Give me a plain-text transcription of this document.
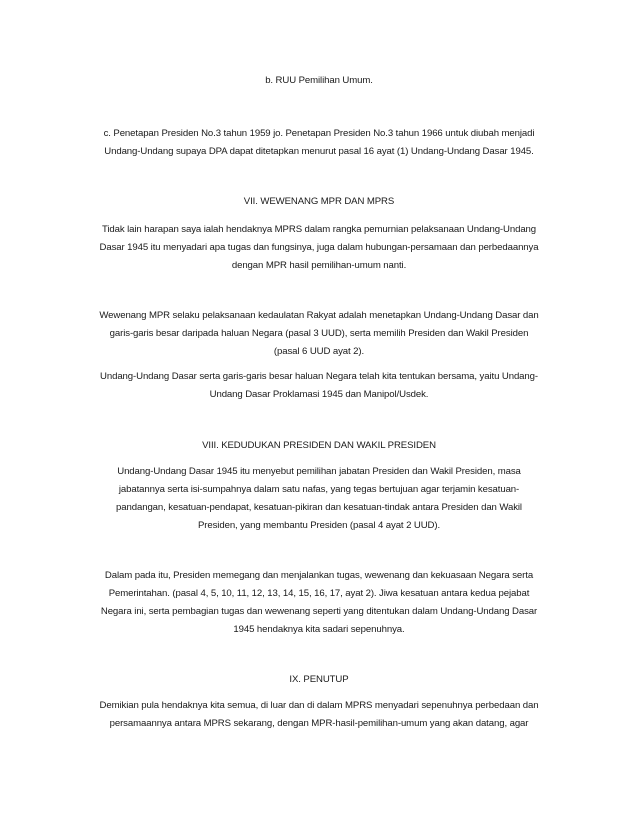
b. RUU Pemilihan Umum.
c. Penetapan Presiden No.3 tahun 1959 jo. Penetapan Presiden No.3 tahun 1966 untuk diubah menjadi
Undang-Undang supaya DPA dapat ditetapkan menurut pasal 16 ayat (1) Undang-Undang Dasar 1945.
VII. WEWENANG MPR DAN MPRS
Tidak lain harapan saya ialah hendaknya MPRS dalam rangka pemurnian pelaksanaan Undang-Undang
Dasar 1945 itu menyadari apa tugas dan fungsinya, juga dalam hubungan-persamaan dan perbedaannya
dengan MPR hasil pemilihan-umum nanti.
Wewenang MPR selaku pelaksanaan kedaulatan Rakyat adalah menetapkan Undang-Undang Dasar dan
garis-garis besar daripada haluan Negara (pasal 3 UUD), serta memilih Presiden dan Wakil Presiden
(pasal 6 UUD ayat 2).
Undang-Undang Dasar serta garis-garis besar haluan Negara telah kita tentukan bersama, yaitu Undang-
Undang Dasar Proklamasi 1945 dan Manipol/Usdek.
VIII. KEDUDUKAN PRESIDEN DAN WAKIL PRESIDEN
Undang-Undang Dasar 1945 itu menyebut pemilihan jabatan Presiden dan Wakil Presiden, masa
jabatannya serta isi-sumpahnya dalam satu nafas, yang tegas bertujuan agar terjamin kesatuan-
pandangan, kesatuan-pendapat, kesatuan-pikiran dan kesatuan-tindak antara Presiden dan Wakil
Presiden, yang membantu Presiden (pasal 4 ayat 2 UUD).
Dalam pada itu, Presiden memegang dan menjalankan tugas, wewenang dan kekuasaan Negara serta
Pemerintahan. (pasal 4, 5, 10, 11, 12, 13, 14, 15, 16, 17, ayat 2). Jiwa kesatuan antara kedua pejabat
Negara ini, serta pembagian tugas dan wewenang seperti yang ditentukan dalam Undang-Undang Dasar
1945 hendaknya kita sadari sepenuhnya.
IX. PENUTUP
Demikian pula hendaknya kita semua, di luar dan di dalam MPRS menyadari sepenuhnya perbedaan dan
persamaannya antara MPRS sekarang, dengan MPR-hasil-pemilihan-umum yang akan datang, agar
